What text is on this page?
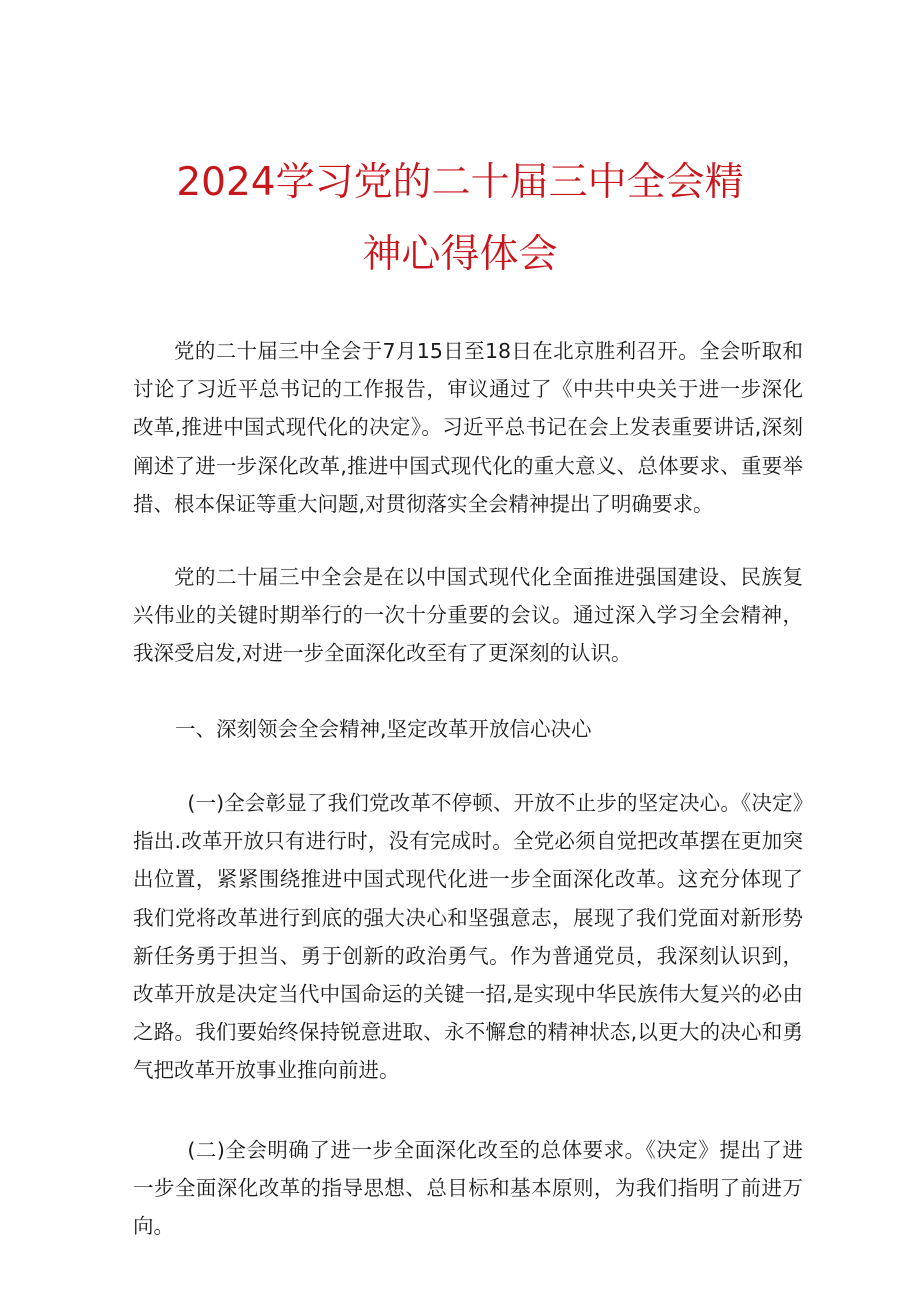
2024学习党的二十届三中全会精
神心得体会

党的二十届三中全会于7月15日至18日在北京胜利召开。全会听取和讨论了习近平总书记的工作报告，审议通过了《中共中央关于进一步深化改革,推进中国式现代化的决定》。习近平总书记在会上发表重要讲话,深刻阐述了进一步深化改革,推进中国式现代化的重大意义、总体要求、重要举措、根本保证等重大问题,对贯彻落实全会精神提出了明确要求。

党的二十届三中全会是在以中国式现代化全面推进强国建设、民族复兴伟业的关键时期举行的一次十分重要的会议。通过深入学习全会精神，我深受启发,对进一步全面深化改至有了更深刻的认识。

一、深刻领会全会精神,坚定改革开放信心决心

(一)全会彰显了我们党改革不停顿、开放不止步的坚定决心。《决定》指出.改革开放只有进行时，没有完成时。全党必须自觉把改革摆在更加突出位置，紧紧围绕推进中国式现代化进一步全面深化改革。这充分体现了我们党将改革进行到底的强大决心和坚强意志，展现了我们党面对新形势新任务勇于担当、勇于创新的政治勇气。作为普通党员，我深刻认识到，改革开放是决定当代中国命运的关键一招,是实现中华民族伟大复兴的必由之路。我们要始终保持锐意进取、永不懈怠的精神状态,以更大的决心和勇气把改革开放事业推向前进。

(二)全会明确了进一步全面深化改至的总体要求。《决定》提出了进一步全面深化改革的指导思想、总目标和基本原则，为我们指明了前进万向。
